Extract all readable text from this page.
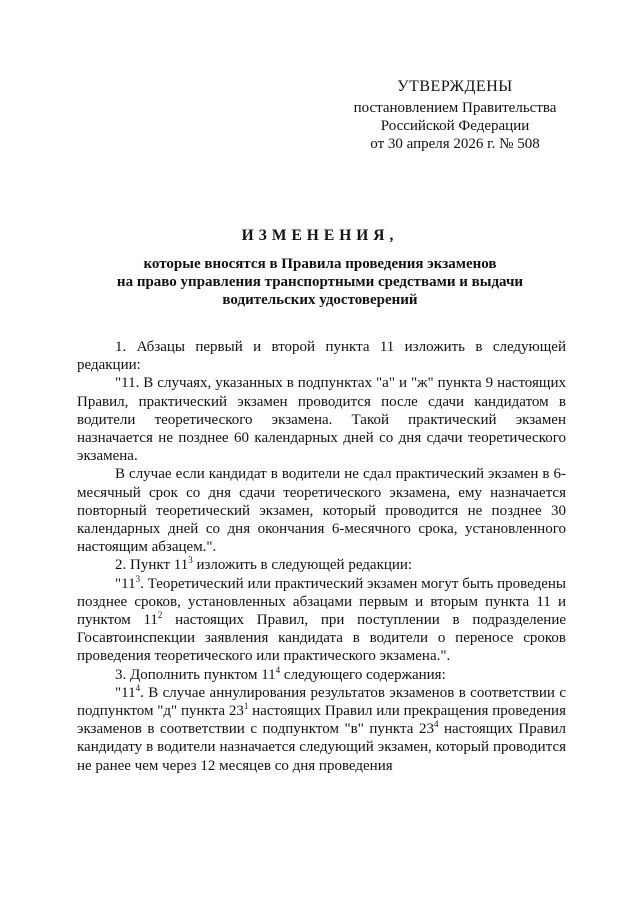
УТВЕРЖДЕНЫ
постановлением Правительства
Российской Федерации
от 30 апреля 2026 г. № 508
ИЗМЕНЕНИЯ,
которые вносятся в Правила проведения экзаменов
на право управления транспортными средствами и выдачи
водительских удостоверений

1. Абзацы первый и второй пункта 11 изложить в следующей редакции:

"11. В случаях, указанных в подпунктах "а" и "ж" пункта 9 настоящих Правил, практический экзамен проводится после сдачи кандидатом в водители теоретического экзамена. Такой практический экзамен назначается не позднее 60 календарных дней со дня сдачи теоретического экзамена.

В случае если кандидат в водители не сдал практический экзамен в 6-месячный срок со дня сдачи теоретического экзамена, ему назначается повторный теоретический экзамен, который проводится не позднее 30 календарных дней со дня окончания 6-месячного срока, установленного настоящим абзацем.".

2. Пункт $11^3$ изложить в следующей редакции:

"$11^3$. Теоретический или практический экзамен могут быть проведены позднее сроков, установленных абзацами первым и вторым пункта 11 и пунктом $11^2$ настоящих Правил, при поступлении в подразделение Госавтоинспекции заявления кандидата в водители о переносе сроков проведения теоретического или практического экзамена.".

3. Дополнить пунктом $11^4$ следующего содержания:

"$11^4$. В случае аннулирования результатов экзаменов в соответствии с подпунктом "д" пункта $23^1$ настоящих Правил или прекращения проведения экзаменов в соответствии с подпунктом "в" пункта $23^4$ настоящих Правил кандидату в водители назначается следующий экзамен, который проводится не ранее чем через 12 месяцев со дня проведения
